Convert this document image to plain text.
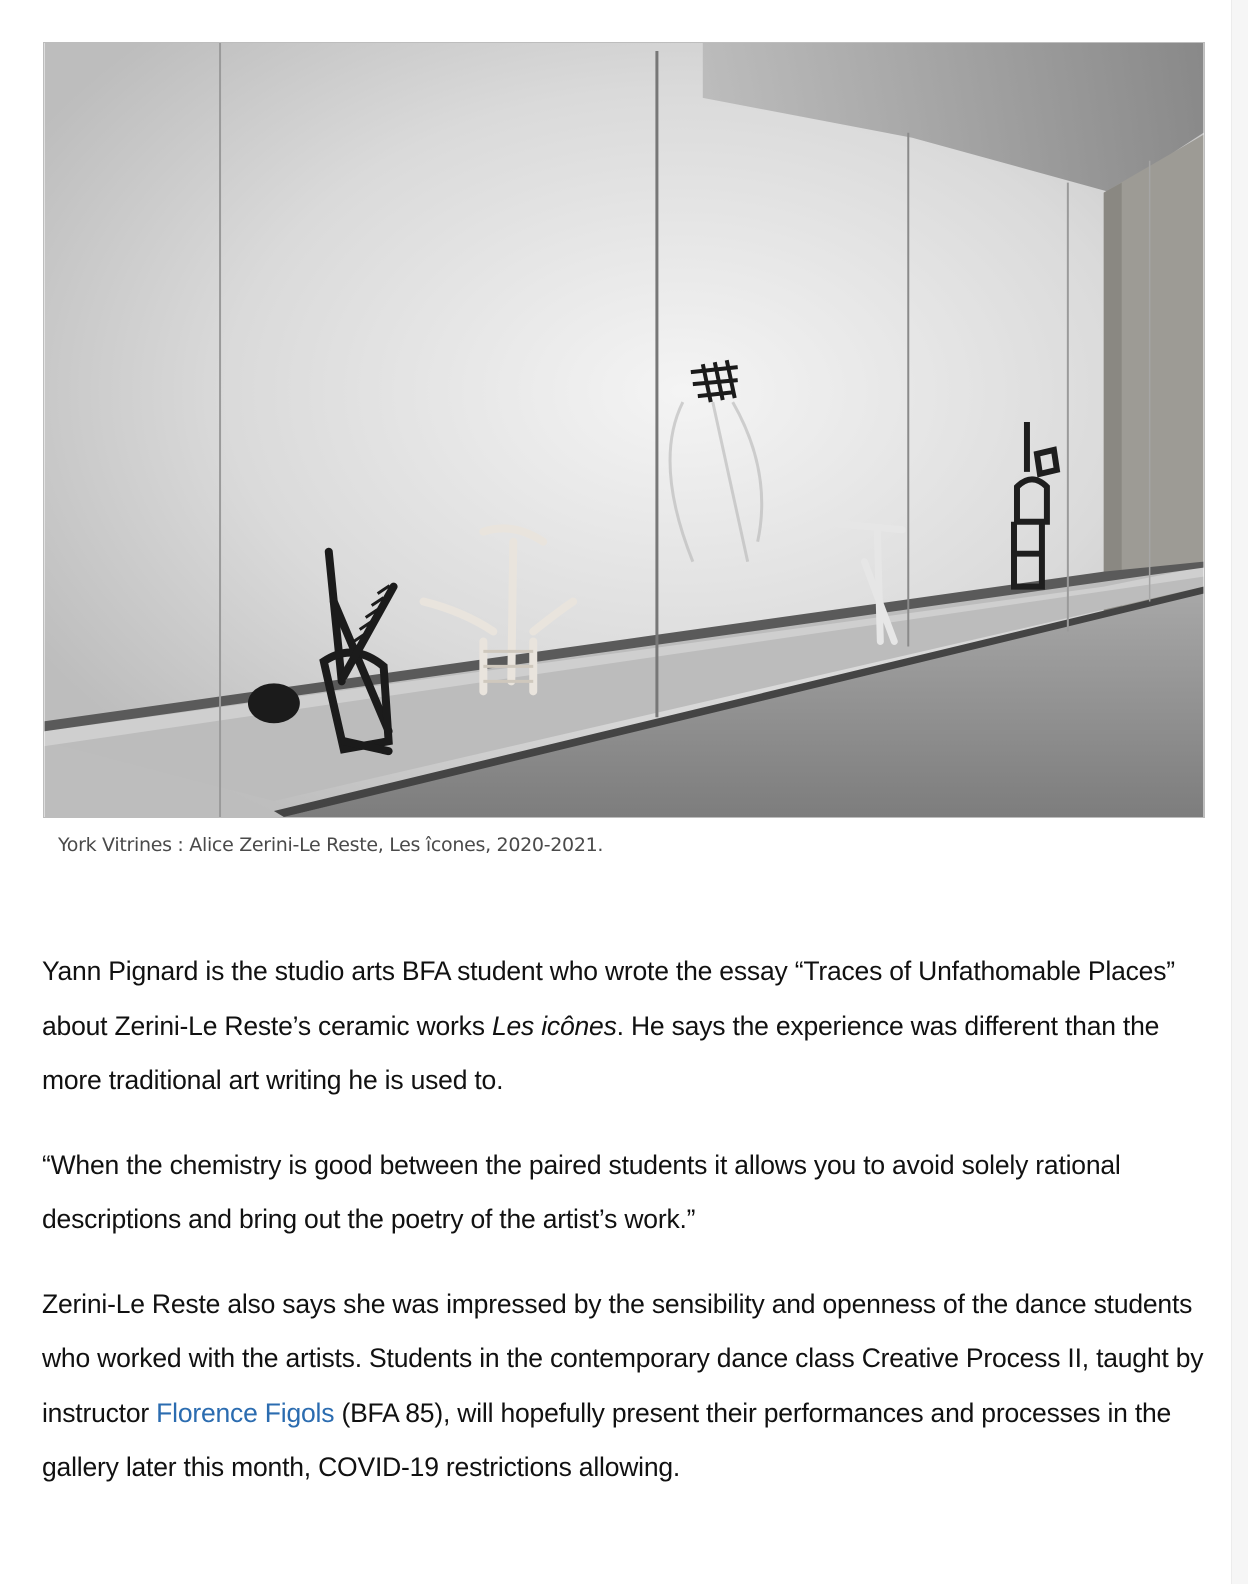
York Vitrines : Alice Zerini-Le Reste, Les îcones, 2020-2021.

Yann Pignard is the studio arts BFA student who wrote the essay “Traces of Unfathomable Places” about Zerini-Le Reste’s ceramic works Les icônes. He says the experience was different than the more traditional art writing he is used to.

“When the chemistry is good between the paired students it allows you to avoid solely rational descriptions and bring out the poetry of the artist’s work.”

Zerini-Le Reste also says she was impressed by the sensibility and openness of the dance students who worked with the artists. Students in the contemporary dance class Creative Process II, taught by instructor Florence Figols (BFA 85), will hopefully present their performances and processes in the gallery later this month, COVID-19 restrictions allowing.
